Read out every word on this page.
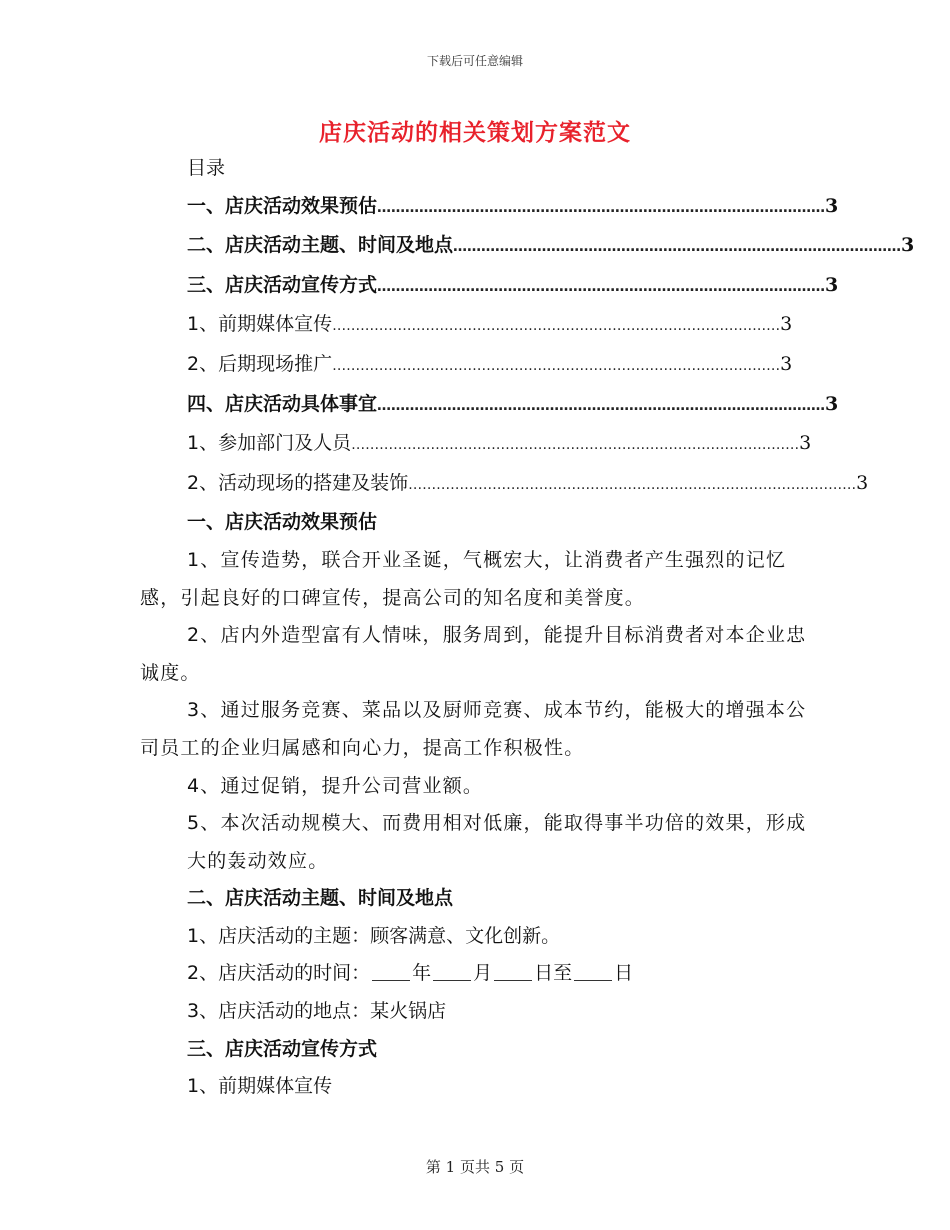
下载后可任意编辑
店庆活动的相关策划方案范文
目录
一、店庆活动效果预估 …………………………………………………………………………………… 3
二、店庆活动主题、时间及地点 …………………………………………………………………………………… 3
三、店庆活动宣传方式 …………………………………………………………………………………… 3
1、前期媒体宣传 …………………………………………………………………………………… 3
2、后期现场推广 …………………………………………………………………………………… 3
四、店庆活动具体事宜 …………………………………………………………………………………… 3
1、参加部门及人员 …………………………………………………………………………………… 3
2、活动现场的搭建及装饰 …………………………………………………………………………………… 3
一、店庆活动效果预估
1、宣传造势，联合开业圣诞，气概宏大，让消费者产生强烈的记忆感，引起良好的口碑宣传，提高公司的知名度和美誉度。
2、店内外造型富有人情味，服务周到，能提升目标消费者对本企业忠诚度。
3、通过服务竞赛、菜品以及厨师竞赛、成本节约，能极大的增强本公司员工的企业归属感和向心力，提高工作积极性。
4、通过促销，提升公司营业额。
5、本次活动规模大、而费用相对低廉，能取得事半功倍的效果，形成大的轰动效应。
二、店庆活动主题、时间及地点
1、店庆活动的主题：顾客满意、文化创新。
2、店庆活动的时间： 年 月 日至 日
3、店庆活动的地点：某火锅店
三、店庆活动宣传方式
1、前期媒体宣传
第 1 页共 5 页
